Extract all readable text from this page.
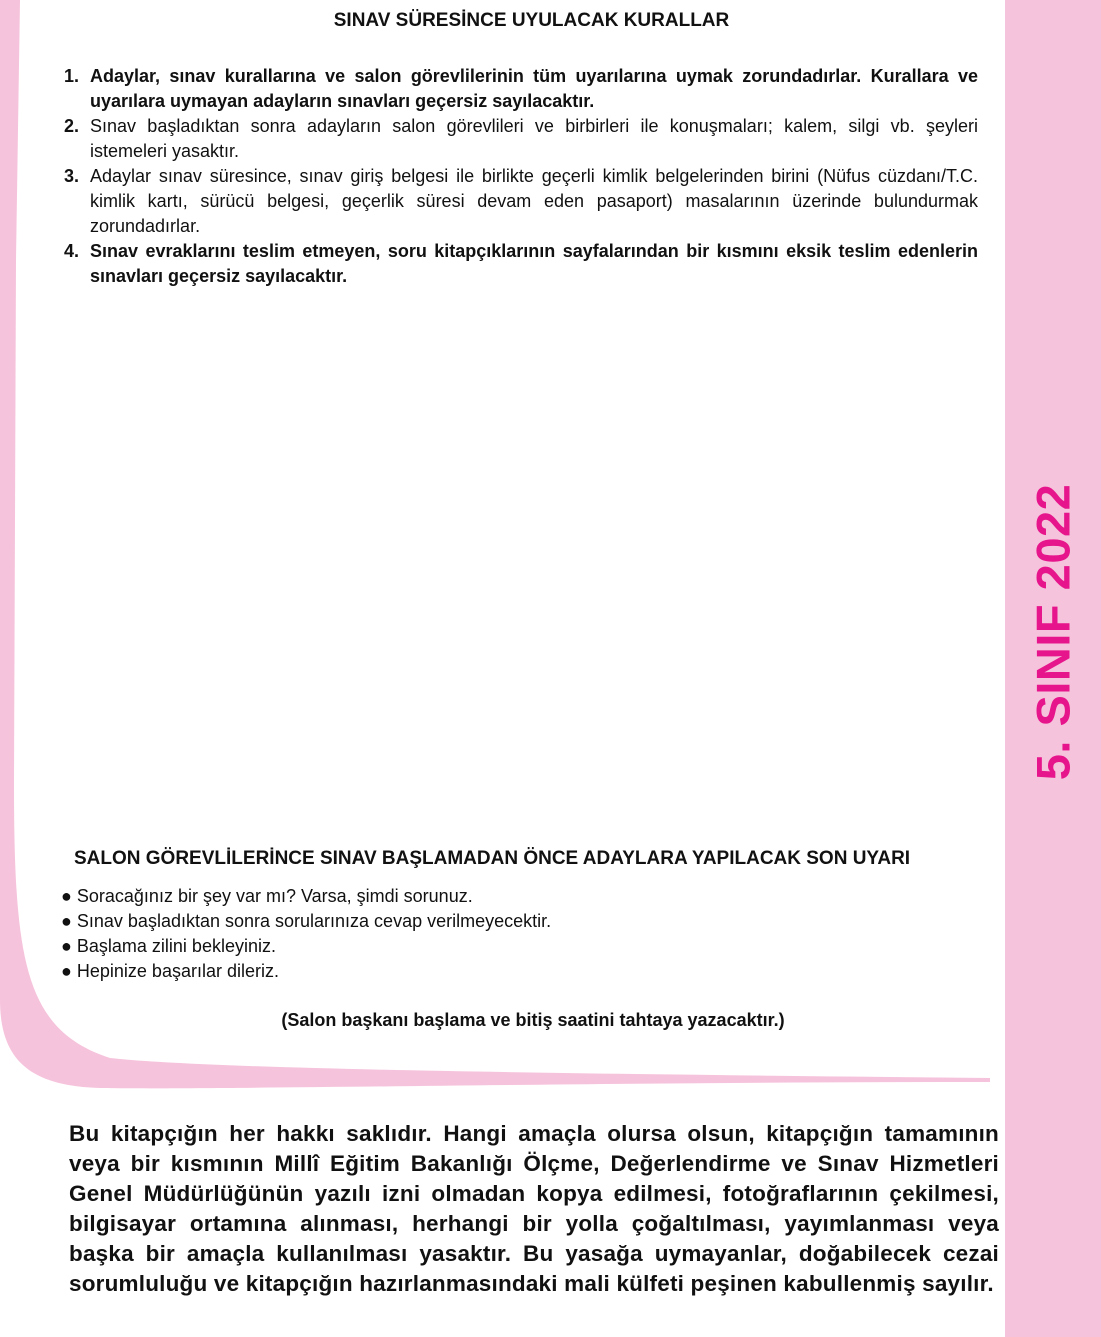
5. SINIF 2022
SINAV SÜRESİNCE UYULACAK KURALLAR
1. Adaylar, sınav kurallarına ve salon görevlilerinin tüm uyarılarına uymak zorundadırlar. Kurallara ve uyarılara uymayan adayların sınavları geçersiz sayılacaktır.
2. Sınav başladıktan sonra adayların salon görevlileri ve birbirleri ile konuşmaları; kalem, silgi vb. şeyleri istemeleri yasaktır.
3. Adaylar sınav süresince, sınav giriş belgesi ile birlikte geçerli kimlik belgelerinden birini (Nüfus cüzdanı/T.C. kimlik kartı, sürücü belgesi, geçerlik süresi devam eden pasaport) masalarının üzerinde bulundurmak zorundadırlar.
4. Sınav evraklarını teslim etmeyen, soru kitapçıklarının sayfalarından bir kısmını eksik teslim edenlerin sınavları geçersiz sayılacaktır.
SALON GÖREVLİLERİNCE SINAV BAŞLAMADAN ÖNCE ADAYLARA YAPILACAK SON UYARI
● Soracağınız bir şey var mı? Varsa, şimdi sorunuz.
● Sınav başladıktan sonra sorularınıza cevap verilmeyecektir.
● Başlama zilini bekleyiniz.
● Hepinize başarılar dileriz.
(Salon başkanı başlama ve bitiş saatini tahtaya yazacaktır.)
Bu kitapçığın her hakkı saklıdır. Hangi amaçla olursa olsun, kitapçığın tamamının veya bir kısmının Millî Eğitim Bakanlığı Ölçme, Değerlendirme ve Sınav Hizmetleri Genel Müdürlüğünün yazılı izni olmadan kopya edilmesi, fotoğraflarının çekilmesi, bilgisayar ortamına alınması, herhangi bir yolla çoğaltılması, yayımlanması veya başka bir amaçla kullanılması yasaktır. Bu yasağa uymayanlar, doğabilecek cezai sorumluluğu ve kitapçığın hazırlanmasındaki mali külfeti peşinen kabullenmiş sayılır.
